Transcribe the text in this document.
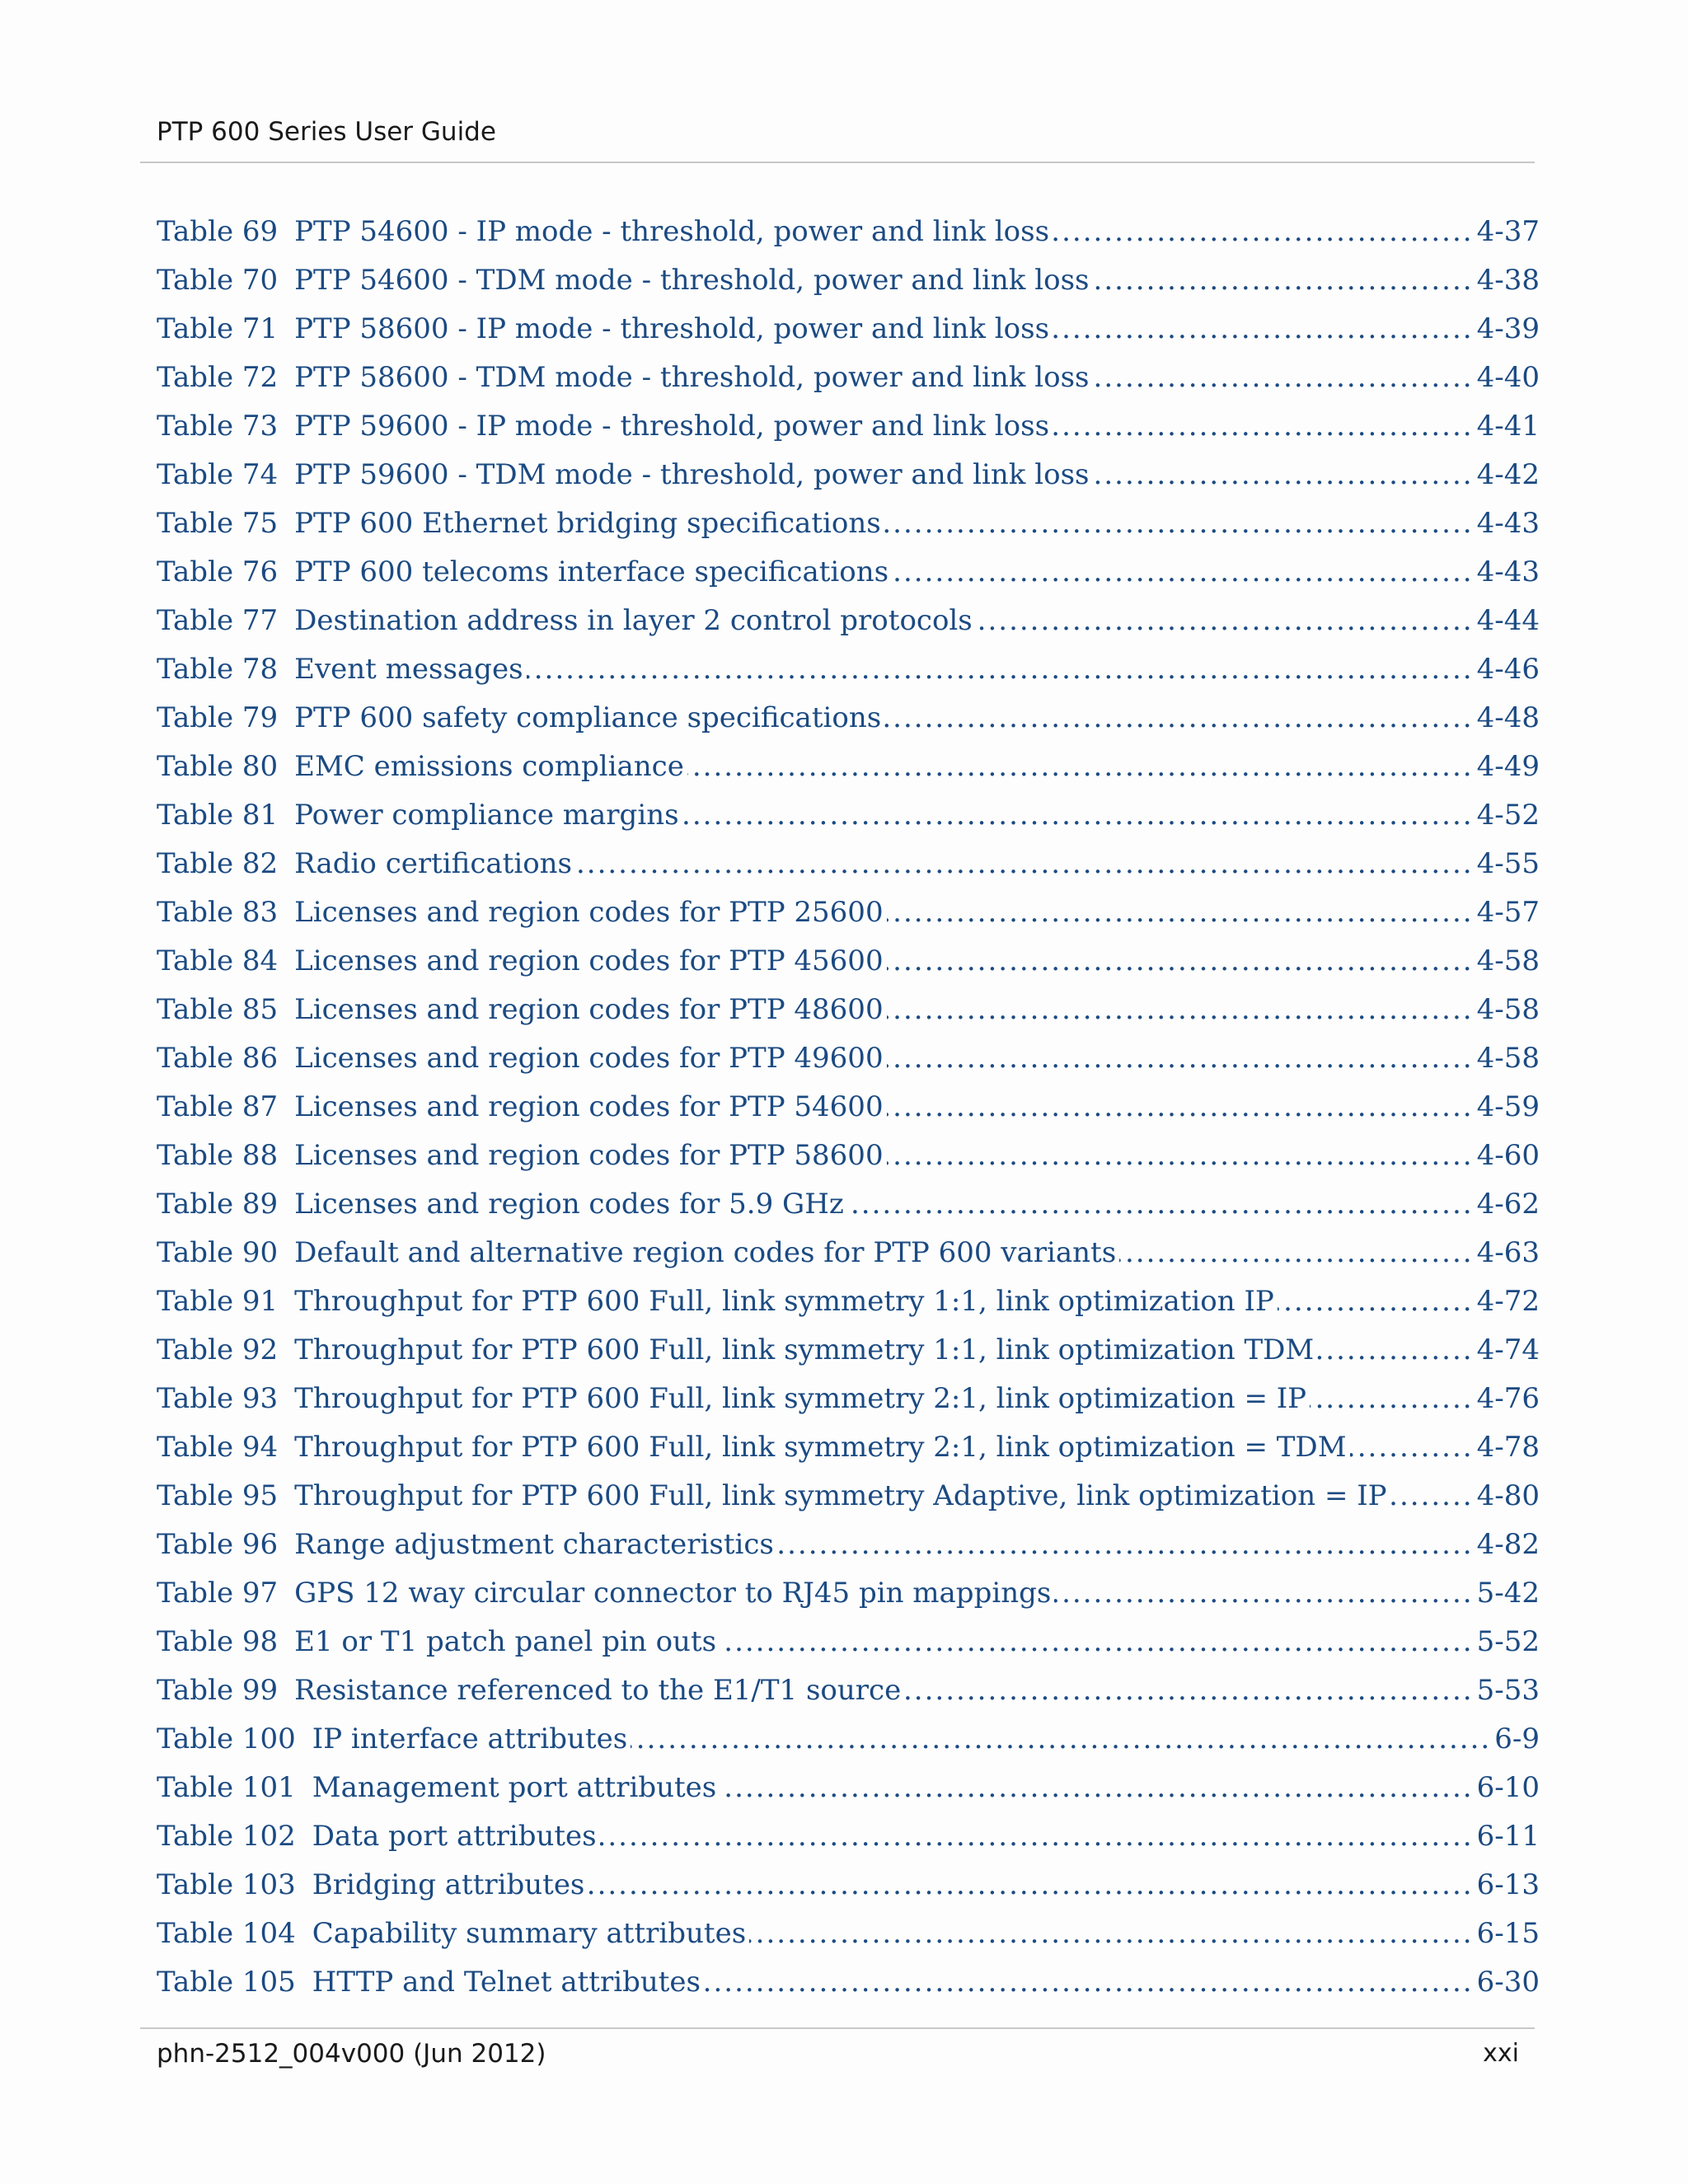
PTP 600 Series User Guide
Table 69 PTP 54600 - IP mode - threshold, power and link loss .....	4-37
Table 70 PTP 54600 - TDM mode - threshold, power and link loss .....	4-38
Table 71 PTP 58600 - IP mode - threshold, power and link loss .....	4-39
Table 72 PTP 58600 - TDM mode - threshold, power and link loss .....	4-40
Table 73 PTP 59600 - IP mode - threshold, power and link loss .....	4-41
Table 74 PTP 59600 - TDM mode - threshold, power and link loss .....	4-42
Table 75 PTP 600 Ethernet bridging specifications .....	4-43
Table 76 PTP 600 telecoms interface specifications .....	4-43
Table 77 Destination address in layer 2 control protocols .....	4-44
Table 78 Event messages .....	4-46
Table 79 PTP 600 safety compliance specifications .....	4-48
Table 80 EMC emissions compliance .....	4-49
Table 81 Power compliance margins .....	4-52
Table 82 Radio certifications .....	4-55
Table 83 Licenses and region codes for PTP 25600 .....	4-57
Table 84 Licenses and region codes for PTP 45600 .....	4-58
Table 85 Licenses and region codes for PTP 48600 .....	4-58
Table 86 Licenses and region codes for PTP 49600 .....	4-58
Table 87 Licenses and region codes for PTP 54600 .....	4-59
Table 88 Licenses and region codes for PTP 58600 .....	4-60
Table 89 Licenses and region codes for 5.9 GHz .....	4-62
Table 90 Default and alternative region codes for PTP 600 variants .....	4-63
Table 91 Throughput for PTP 600 Full, link symmetry 1:1, link optimization IP .....	4-72
Table 92 Throughput for PTP 600 Full, link symmetry 1:1, link optimization TDM .....	4-74
Table 93 Throughput for PTP 600 Full, link symmetry 2:1, link optimization = IP .....	4-76
Table 94 Throughput for PTP 600 Full, link symmetry 2:1, link optimization = TDM .....	4-78
Table 95 Throughput for PTP 600 Full, link symmetry Adaptive, link optimization = IP .....	4-80
Table 96 Range adjustment characteristics .....	4-82
Table 97 GPS 12 way circular connector to RJ45 pin mappings .....	5-42
Table 98 E1 or T1 patch panel pin outs .....	5-52
Table 99 Resistance referenced to the E1/T1 source .....	5-53
Table 100 IP interface attributes .....	6-9
Table 101 Management port attributes .....	6-10
Table 102 Data port attributes .....	6-11
Table 103 Bridging attributes .....	6-13
Table 104 Capability summary attributes .....	6-15
Table 105 HTTP and Telnet attributes .....	6-30
phn-2512_004v000 (Jun 2012)	xxi
